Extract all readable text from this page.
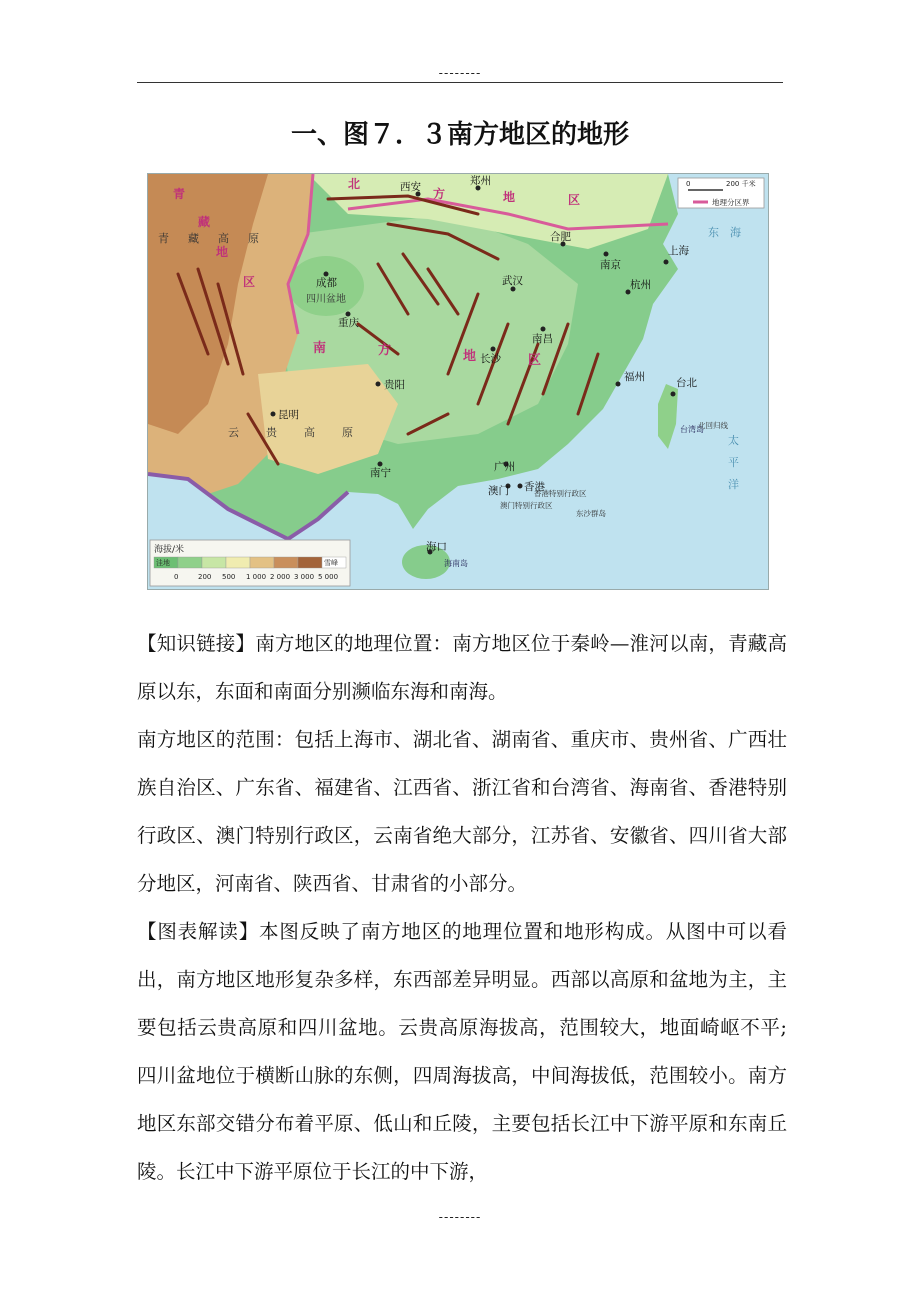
--------
一、图７．３南方地区的地形
北
方	地	区
青
藏
地
区
南	方	地	区
青 藏 高 原
四川盆地
云 贵 高 原
西安	郑州
合肥
南京
上海
杭州
成都
重庆
武汉
南昌
长沙
贵阳
昆明
福州	台北
南宁	广州
澳门 香港
海口
东 海
太
平
洋
海南岛
台湾岛
香港特别行政区
澳门特别行政区
东沙群岛
北回归线
0	200 千米
地理分区界
海拔/米
洼地	雪峰
0	200 500 1 000 2 000 3 000 5 000

【知识链接】南方地区的地理位置：南方地区位于秦岭—淮河以南，青藏高原以东，东面和南面分别濒临东海和南海。

南方地区的范围：包括上海市、湖北省、湖南省、重庆市、贵州省、广西壮族自治区、广东省、福建省、江西省、浙江省和台湾省、海南省、香港特别行政区、澳门特别行政区，云南省绝大部分，江苏省、安徽省、四川省大部分地区，河南省、陕西省、甘肃省的小部分。

【图表解读】本图反映了南方地区的地理位置和地形构成。从图中可以看出，南方地区地形复杂多样，东西部差异明显。西部以高原和盆地为主，主要包括云贵高原和四川盆地。云贵高原海拔高，范围较大，地面崎岖不平; 四川盆地位于横断山脉的东侧，四周海拔高，中间海拔低，范围较小。南方地区东部交错分布着平原、低山和丘陵，主要包括长江中下游平原和东南丘陵。长江中下游平原位于长江的中下游，

--------
